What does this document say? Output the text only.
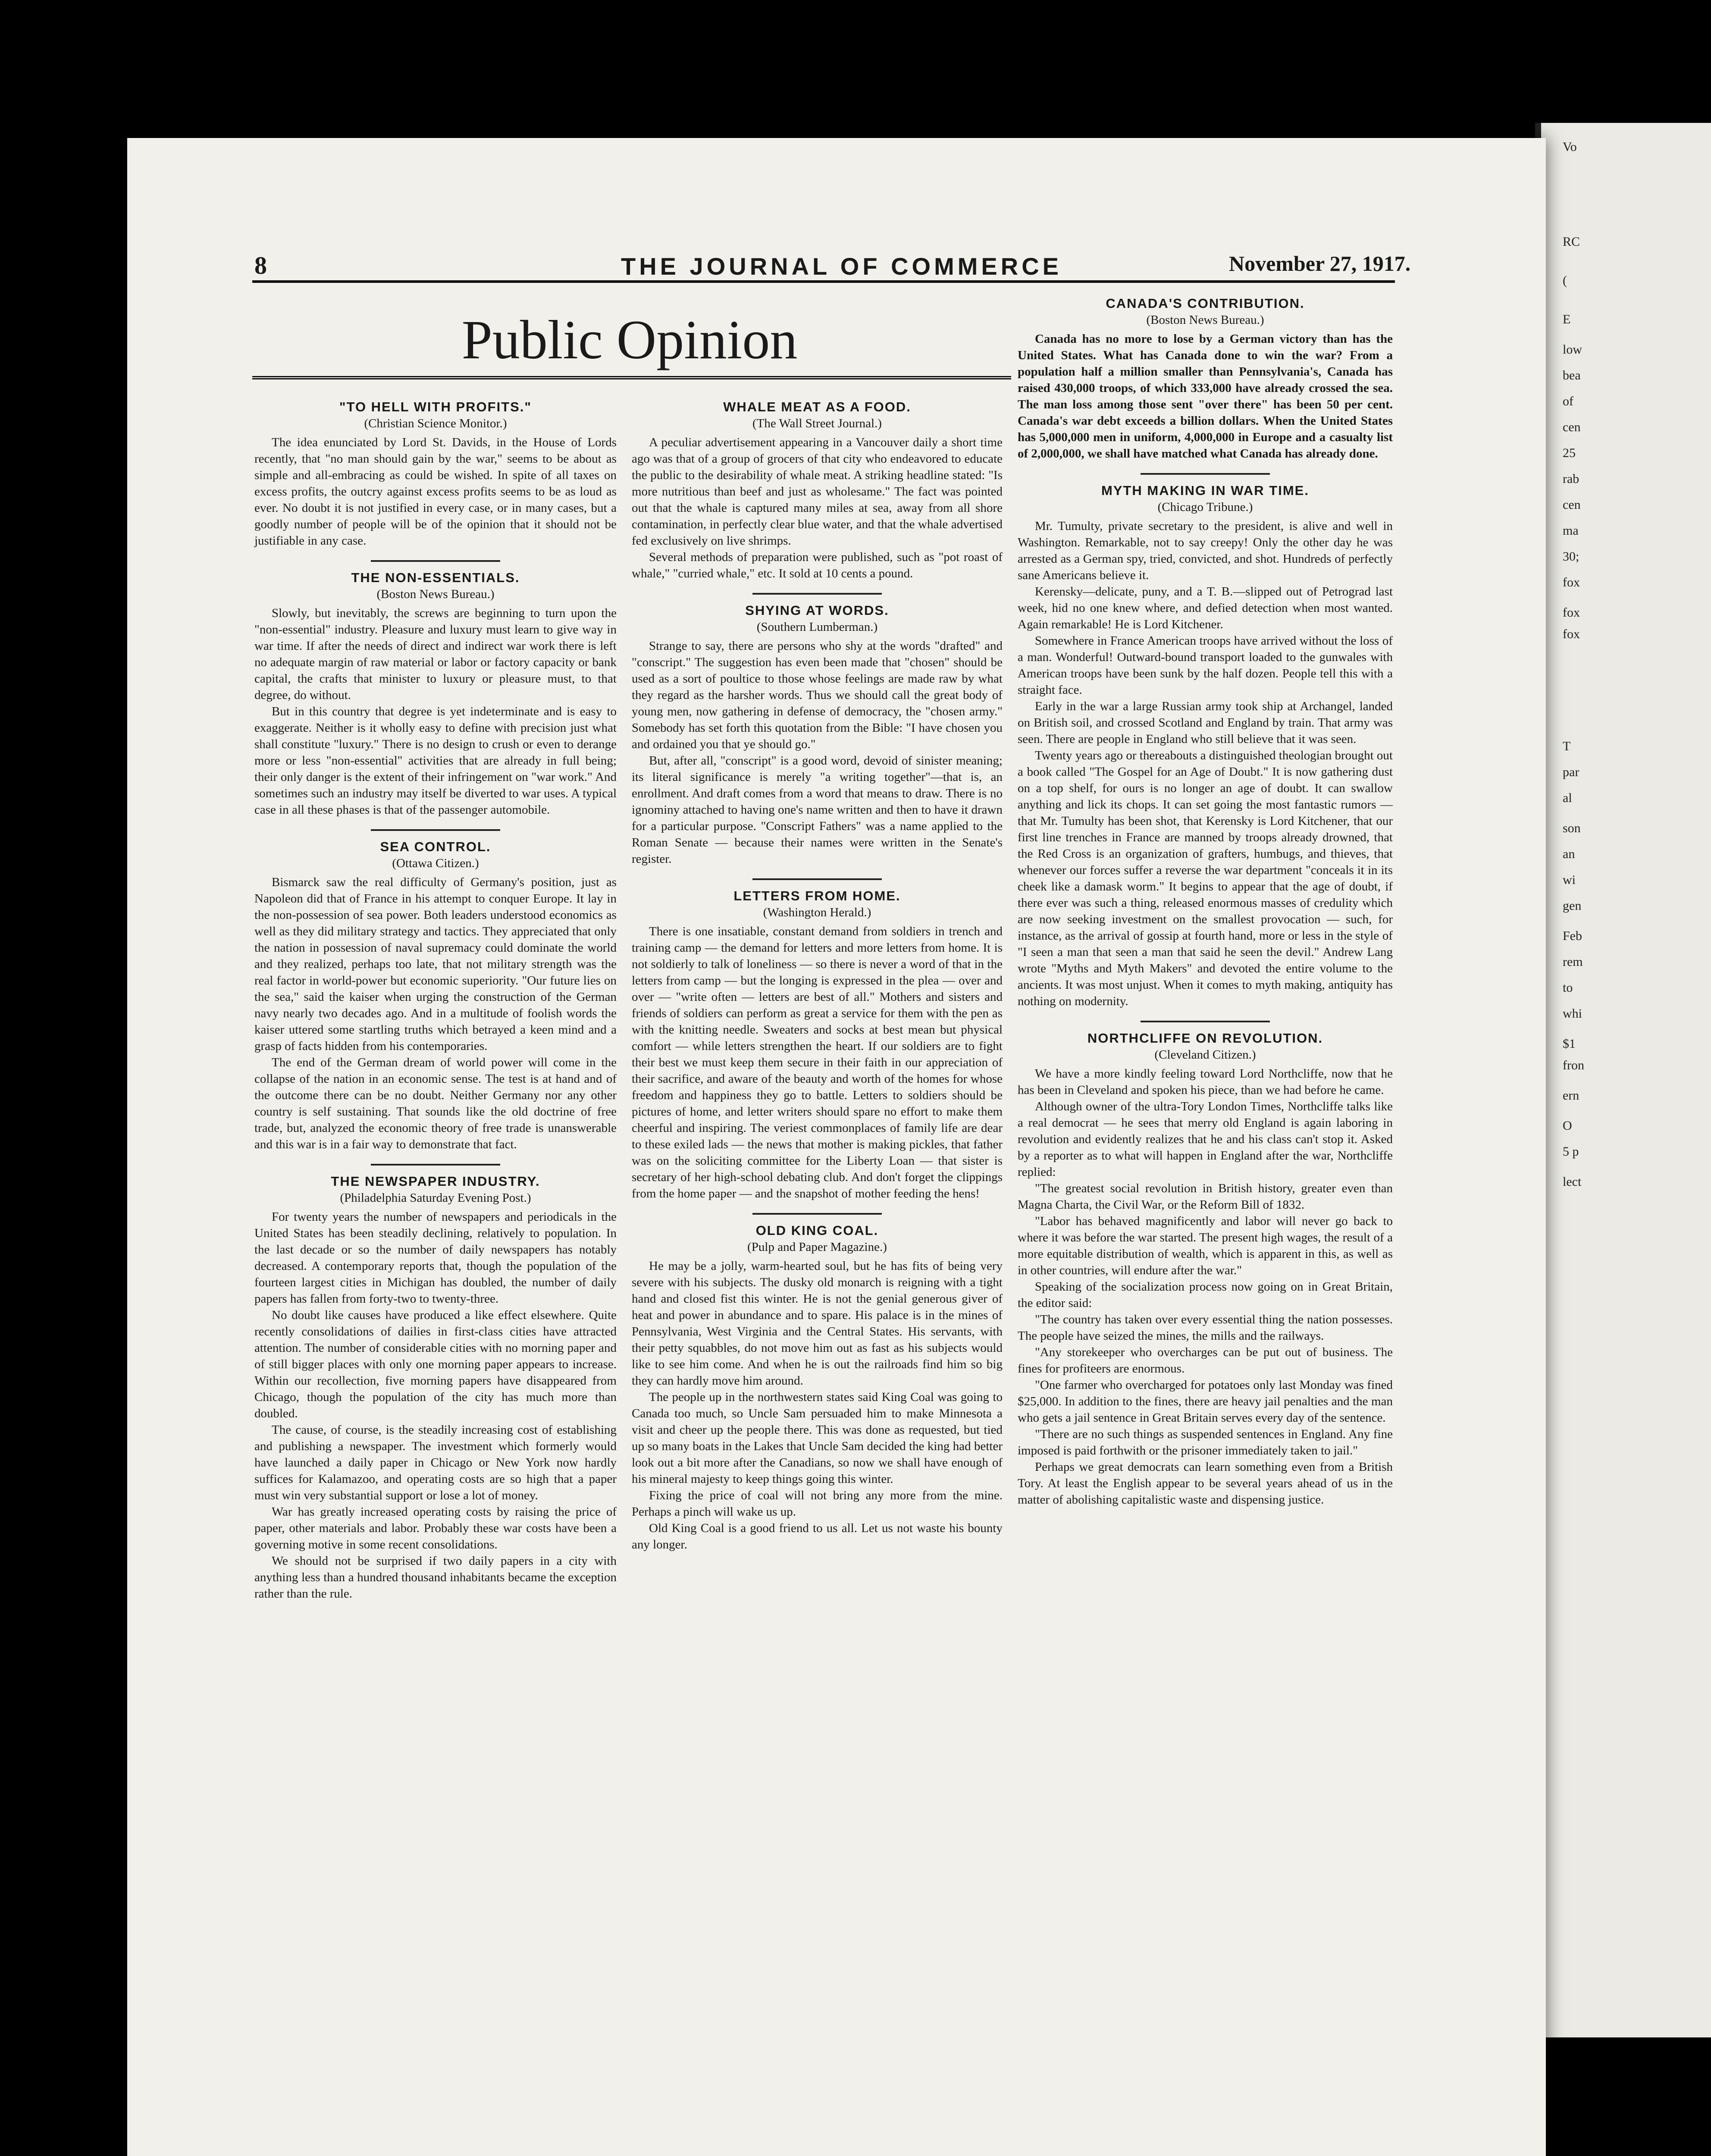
Vo
RC
(
E
low
bea
of
cen
25
rab
cen
ma
30;
fox
fox
fox
T
par
al
son
an
wi
gen
Feb
rem
to
whi
$1
fron
ern
O
5 p
lect
8	THE JOURNAL OF COMMERCE	November 27, 1917.
Public Opinion
"TO HELL WITH PROFITS."
(Christian Science Monitor.)

The idea enunciated by Lord St. Davids, in the House of Lords recently, that "no man should gain by the war," seems to be about as simple and all-embracing as could be wished. In spite of all taxes on excess profits, the outcry against excess profits seems to be as loud as ever. No doubt it is not justified in every case, or in many cases, but a goodly number of people will be of the opinion that it should not be justifiable in any case.

THE NON-ESSENTIALS.
(Boston News Bureau.)

Slowly, but inevitably, the screws are beginning to turn upon the "non-essential" industry. Pleasure and luxury must learn to give way in war time. If after the needs of direct and indirect war work there is left no adequate margin of raw material or labor or factory capacity or bank capital, the crafts that minister to luxury or pleasure must, to that degree, do without.

But in this country that degree is yet indeterminate and is easy to exaggerate. Neither is it wholly easy to define with precision just what shall constitute "luxury." There is no design to crush or even to derange more or less "non-essential" activities that are already in full being; their only danger is the extent of their infringement on "war work." And sometimes such an industry may itself be diverted to war uses. A typical case in all these phases is that of the passenger automobile.

SEA CONTROL.
(Ottawa Citizen.)

Bismarck saw the real difficulty of Germany's position, just as Napoleon did that of France in his attempt to conquer Europe. It lay in the non-possession of sea power. Both leaders understood economics as well as they did military strategy and tactics. They appreciated that only the nation in possession of naval supremacy could dominate the world and they realized, perhaps too late, that not military strength was the real factor in world-power but economic superiority. "Our future lies on the sea," said the kaiser when urging the construction of the German navy nearly two decades ago. And in a multitude of foolish words the kaiser uttered some startling truths which betrayed a keen mind and a grasp of facts hidden from his contemporaries.

The end of the German dream of world power will come in the collapse of the nation in an economic sense. The test is at hand and of the outcome there can be no doubt. Neither Germany nor any other country is self sustaining. That sounds like the old doctrine of free trade, but, analyzed the economic theory of free trade is unanswerable and this war is in a fair way to demonstrate that fact.

THE NEWSPAPER INDUSTRY.
(Philadelphia Saturday Evening Post.)

For twenty years the number of newspapers and periodicals in the United States has been steadily declining, relatively to population. In the last decade or so the number of daily newspapers has notably decreased. A contemporary reports that, though the population of the fourteen largest cities in Michigan has doubled, the number of daily papers has fallen from forty-two to twenty-three.

No doubt like causes have produced a like effect elsewhere. Quite recently consolidations of dailies in first-class cities have attracted attention. The number of considerable cities with no morning paper and of still bigger places with only one morning paper appears to increase. Within our recollection, five morning papers have disappeared from Chicago, though the population of the city has much more than doubled.

The cause, of course, is the steadily increasing cost of establishing and publishing a newspaper. The investment which formerly would have launched a daily paper in Chicago or New York now hardly suffices for Kalamazoo, and operating costs are so high that a paper must win very substantial support or lose a lot of money.

War has greatly increased operating costs by raising the price of paper, other materials and labor. Probably these war costs have been a governing motive in some recent consolidations.

We should not be surprised if two daily papers in a city with anything less than a hundred thousand inhabitants became the exception rather than the rule.

WHALE MEAT AS A FOOD.
(The Wall Street Journal.)

A peculiar advertisement appearing in a Vancouver daily a short time ago was that of a group of grocers of that city who endeavored to educate the public to the desirability of whale meat. A striking headline stated: "Is more nutritious than beef and just as wholesame." The fact was pointed out that the whale is captured many miles at sea, away from all shore contamination, in perfectly clear blue water, and that the whale advertised fed exclusively on live shrimps.

Several methods of preparation were published, such as "pot roast of whale," "curried whale," etc. It sold at 10 cents a pound.

SHYING AT WORDS.
(Southern Lumberman.)

Strange to say, there are persons who shy at the words "drafted" and "conscript." The suggestion has even been made that "chosen" should be used as a sort of poultice to those whose feelings are made raw by what they regard as the harsher words. Thus we should call the great body of young men, now gathering in defense of democracy, the "chosen army." Somebody has set forth this quotation from the Bible: "I have chosen you and ordained you that ye should go."

But, after all, "conscript" is a good word, devoid of sinister meaning; its literal significance is merely "a writing together"—that is, an enrollment. And draft comes from a word that means to draw. There is no ignominy attached to having one's name written and then to have it drawn for a particular purpose. "Conscript Fathers" was a name applied to the Roman Senate — because their names were written in the Senate's register.

LETTERS FROM HOME.
(Washington Herald.)

There is one insatiable, constant demand from soldiers in trench and training camp — the demand for letters and more letters from home. It is not soldierly to talk of loneliness — so there is never a word of that in the letters from camp — but the longing is expressed in the plea — over and over — "write often — letters are best of all." Mothers and sisters and friends of soldiers can perform as great a service for them with the pen as with the knitting needle. Sweaters and socks at best mean but physical comfort — while letters strengthen the heart. If our soldiers are to fight their best we must keep them secure in their faith in our appreciation of their sacrifice, and aware of the beauty and worth of the homes for whose freedom and happiness they go to battle. Letters to soldiers should be pictures of home, and letter writers should spare no effort to make them cheerful and inspiring. The veriest commonplaces of family life are dear to these exiled lads — the news that mother is making pickles, that father was on the soliciting committee for the Liberty Loan — that sister is secretary of her high-school debating club. And don't forget the clippings from the home paper — and the snapshot of mother feeding the hens!

OLD KING COAL.
(Pulp and Paper Magazine.)

He may be a jolly, warm-hearted soul, but he has fits of being very severe with his subjects. The dusky old monarch is reigning with a tight hand and closed fist this winter. He is not the genial generous giver of heat and power in abundance and to spare. His palace is in the mines of Pennsylvania, West Virginia and the Central States. His servants, with their petty squabbles, do not move him out as fast as his subjects would like to see him come. And when he is out the railroads find him so big they can hardly move him around.

The people up in the northwestern states said King Coal was going to Canada too much, so Uncle Sam persuaded him to make Minnesota a visit and cheer up the people there. This was done as requested, but tied up so many boats in the Lakes that Uncle Sam decided the king had better look out a bit more after the Canadians, so now we shall have enough of his mineral majesty to keep things going this winter.

Fixing the price of coal will not bring any more from the mine. Perhaps a pinch will wake us up.

Old King Coal is a good friend to us all. Let us not waste his bounty any longer.

CANADA'S CONTRIBUTION.
(Boston News Bureau.)

Canada has no more to lose by a German victory than has the United States. What has Canada done to win the war? From a population half a million smaller than Pennsylvania's, Canada has raised 430,000 troops, of which 333,000 have already crossed the sea. The man loss among those sent "over there" has been 50 per cent. Canada's war debt exceeds a billion dollars. When the United States has 5,000,000 men in uniform, 4,000,000 in Europe and a casualty list of 2,000,000, we shall have matched what Canada has already done.

MYTH MAKING IN WAR TIME.
(Chicago Tribune.)

Mr. Tumulty, private secretary to the president, is alive and well in Washington. Remarkable, not to say creepy! Only the other day he was arrested as a German spy, tried, convicted, and shot. Hundreds of perfectly sane Americans believe it.

Kerensky—delicate, puny, and a T. B.—slipped out of Petrograd last week, hid no one knew where, and defied detection when most wanted. Again remarkable! He is Lord Kitchener.

Somewhere in France American troops have arrived without the loss of a man. Wonderful! Outward-bound transport loaded to the gunwales with American troops have been sunk by the half dozen. People tell this with a straight face.

Early in the war a large Russian army took ship at Archangel, landed on British soil, and crossed Scotland and England by train. That army was seen. There are people in England who still believe that it was seen.

Twenty years ago or thereabouts a distinguished theologian brought out a book called "The Gospel for an Age of Doubt." It is now gathering dust on a top shelf, for ours is no longer an age of doubt. It can swallow anything and lick its chops. It can set going the most fantastic rumors — that Mr. Tumulty has been shot, that Kerensky is Lord Kitchener, that our first line trenches in France are manned by troops already drowned, that the Red Cross is an organization of grafters, humbugs, and thieves, that whenever our forces suffer a reverse the war department "conceals it in its cheek like a damask worm." It begins to appear that the age of doubt, if there ever was such a thing, released enormous masses of credulity which are now seeking investment on the smallest provocation — such, for instance, as the arrival of gossip at fourth hand, more or less in the style of "I seen a man that seen a man that said he seen the devil." Andrew Lang wrote "Myths and Myth Makers" and devoted the entire volume to the ancients. It was most unjust. When it comes to myth making, antiquity has nothing on modernity.

NORTHCLIFFE ON REVOLUTION.
(Cleveland Citizen.)

We have a more kindly feeling toward Lord Northcliffe, now that he has been in Cleveland and spoken his piece, than we had before he came.

Although owner of the ultra-Tory London Times, Northcliffe talks like a real democrat — he sees that merry old England is again laboring in revolution and evidently realizes that he and his class can't stop it. Asked by a reporter as to what will happen in England after the war, Northcliffe replied:

"The greatest social revolution in British history, greater even than Magna Charta, the Civil War, or the Reform Bill of 1832.

"Labor has behaved magnificently and labor will never go back to where it was before the war started. The present high wages, the result of a more equitable distribution of wealth, which is apparent in this, as well as in other countries, will endure after the war."

Speaking of the socialization process now going on in Great Britain, the editor said:

"The country has taken over every essential thing the nation possesses. The people have seized the mines, the mills and the railways.

"Any storekeeper who overcharges can be put out of business. The fines for profiteers are enormous.

"One farmer who overcharged for potatoes only last Monday was fined $25,000. In addition to the fines, there are heavy jail penalties and the man who gets a jail sentence in Great Britain serves every day of the sentence.

"There are no such things as suspended sentences in England. Any fine imposed is paid forthwith or the prisoner immediately taken to jail."

Perhaps we great democrats can learn something even from a British Tory. At least the English appear to be several years ahead of us in the matter of abolishing capitalistic waste and dispensing justice.
